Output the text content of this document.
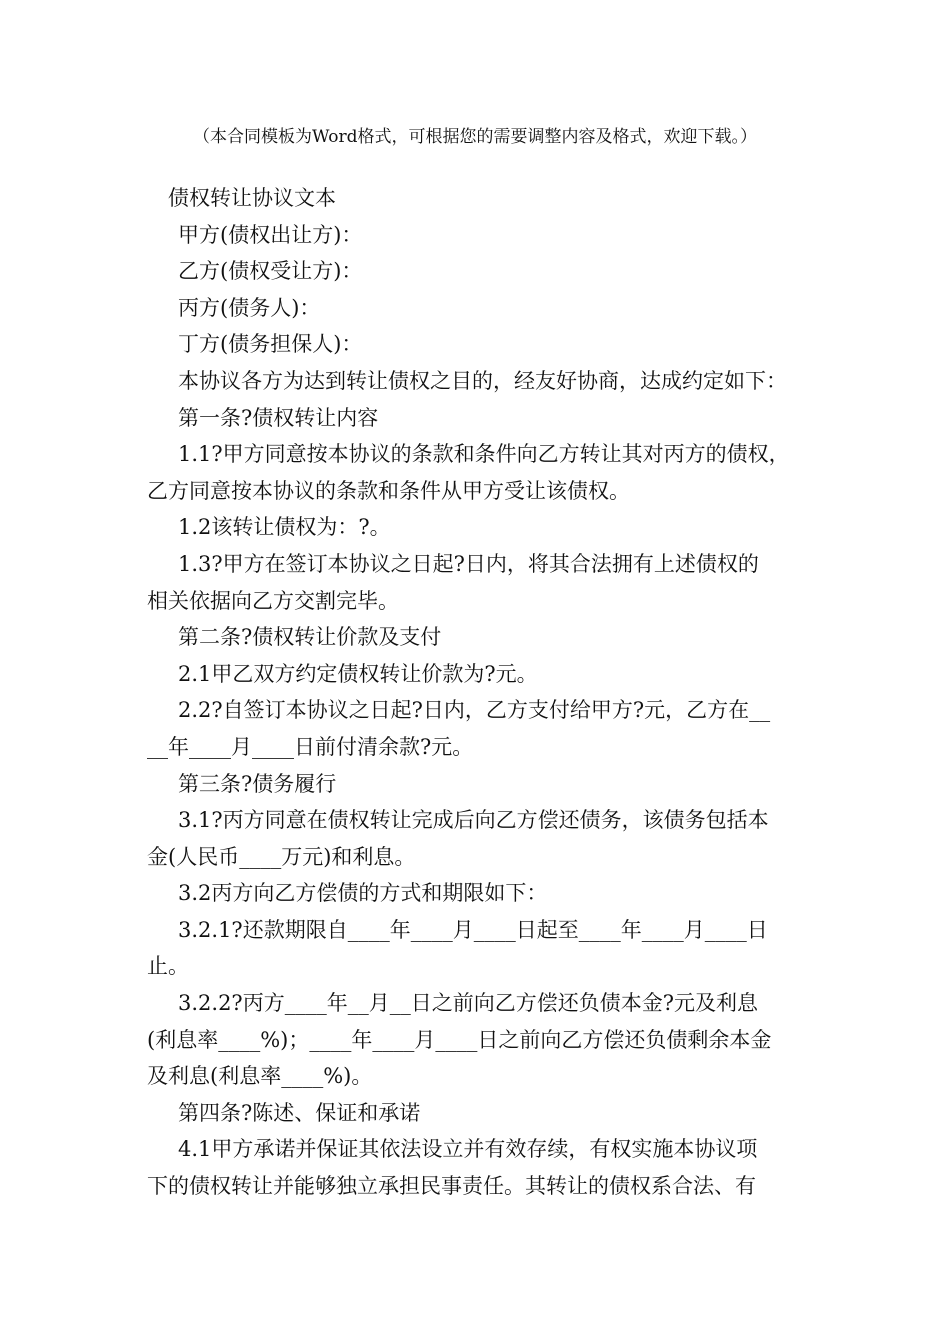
（本合同模板为Word格式，可根据您的需要调整内容及格式，欢迎下载。）
债权转让协议文本
甲方(债权出让方)：
乙方(债权受让方)：
丙方(债务人)：
丁方(债务担保人)：
本协议各方为达到转让债权之目的，经友好协商，达成约定如下：
第一条?债权转让内容
1.1?甲方同意按本协议的条款和条件向乙方转让其对丙方的债权，
乙方同意按本协议的条款和条件从甲方受让该债权。
1.2该转让债权为：?。
1.3?甲方在签订本协议之日起?日内，将其合法拥有上述债权的
相关依据向乙方交割完毕。
第二条?债权转让价款及支付
2.1甲乙双方约定债权转让价款为?元。
2.2?自签订本协议之日起?日内，乙方支付给甲方?元，乙方在__
__年____月____日前付清余款?元。
第三条?债务履行
3.1?丙方同意在债权转让完成后向乙方偿还债务，该债务包括本
金(人民币____万元)和利息。
3.2丙方向乙方偿债的方式和期限如下：
3.2.1?还款期限自____年____月____日起至____年____月____日
止。
3.2.2?丙方____年__月__日之前向乙方偿还负债本金?元及利息
(利息率____%)；____年____月____日之前向乙方偿还负债剩余本金
及利息(利息率____%)。
第四条?陈述、保证和承诺
4.1甲方承诺并保证其依法设立并有效存续，有权实施本协议项
下的债权转让并能够独立承担民事责任。其转让的债权系合法、有
